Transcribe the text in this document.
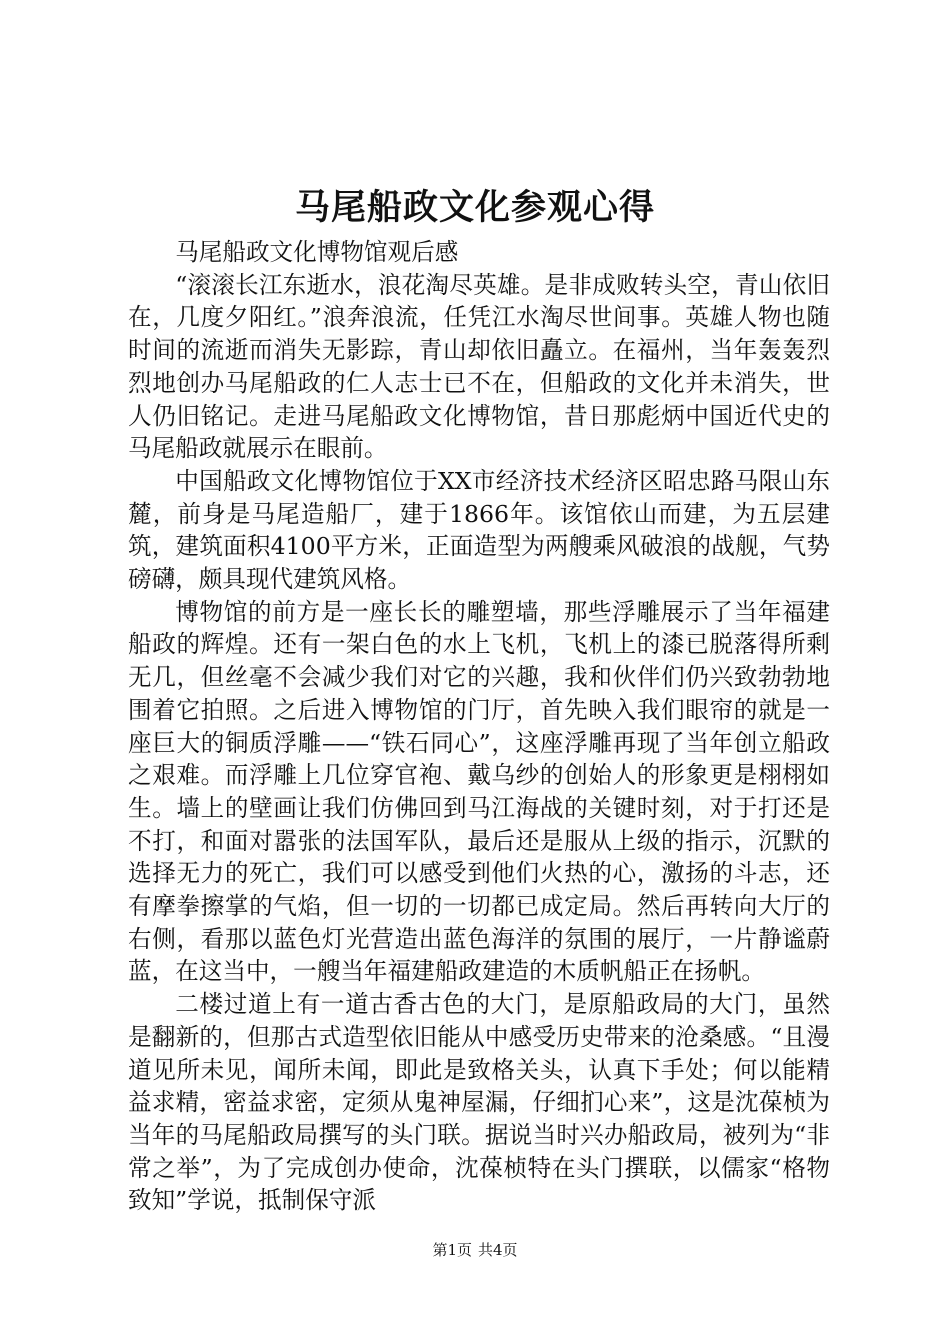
马尾船政文化参观心得

马尾船政文化博物馆观后感

“滚滚长江东逝水，浪花淘尽英雄。是非成败转头空，青山依旧在，几度夕阳红。”浪奔浪流，任凭江水淘尽世间事。英雄人物也随时间的流逝而消失无影踪，青山却依旧矗立。在福州，当年轰轰烈烈地创办马尾船政的仁人志士已不在，但船政的文化并未消失，世人仍旧铭记。走进马尾船政文化博物馆，昔日那彪炳中国近代史的马尾船政就展示在眼前。

中国船政文化博物馆位于XX市经济技术经济区昭忠路马限山东麓，前身是马尾造船厂，建于1866年。该馆依山而建，为五层建筑，建筑面积4100平方米，正面造型为两艘乘风破浪的战舰，气势磅礴，颇具现代建筑风格。

博物馆的前方是一座长长的雕塑墙，那些浮雕展示了当年福建船政的辉煌。还有一架白色的水上飞机，飞机上的漆已脱落得所剩无几，但丝毫不会减少我们对它的兴趣，我和伙伴们仍兴致勃勃地围着它拍照。之后进入博物馆的门厅，首先映入我们眼帘的就是一座巨大的铜质浮雕——“铁石同心”，这座浮雕再现了当年创立船政之艰难。而浮雕上几位穿官袍、戴乌纱的创始人的形象更是栩栩如生。墙上的壁画让我们仿佛回到马江海战的关键时刻，对于打还是不打，和面对嚣张的法国军队，最后还是服从上级的指示，沉默的选择无力的死亡，我们可以感受到他们火热的心，激扬的斗志，还有摩拳擦掌的气焰，但一切的一切都已成定局。然后再转向大厅的右侧，看那以蓝色灯光营造出蓝色海洋的氛围的展厅，一片静谧蔚蓝，在这当中，一艘当年福建船政建造的木质帆船正在扬帆。

二楼过道上有一道古香古色的大门，是原船政局的大门，虽然是翻新的，但那古式造型依旧能从中感受历史带来的沧桑感。“且漫道见所未见，闻所未闻，即此是致格关头，认真下手处；何以能精益求精，密益求密，定须从鬼神屋漏，仔细扪心来”，这是沈葆桢为当年的马尾船政局撰写的头门联。据说当时兴办船政局，被列为“非常之举”，为了完成创办使命，沈葆桢特在头门撰联，以儒家“格物致知”学说，抵制保守派

第1页 共4页
